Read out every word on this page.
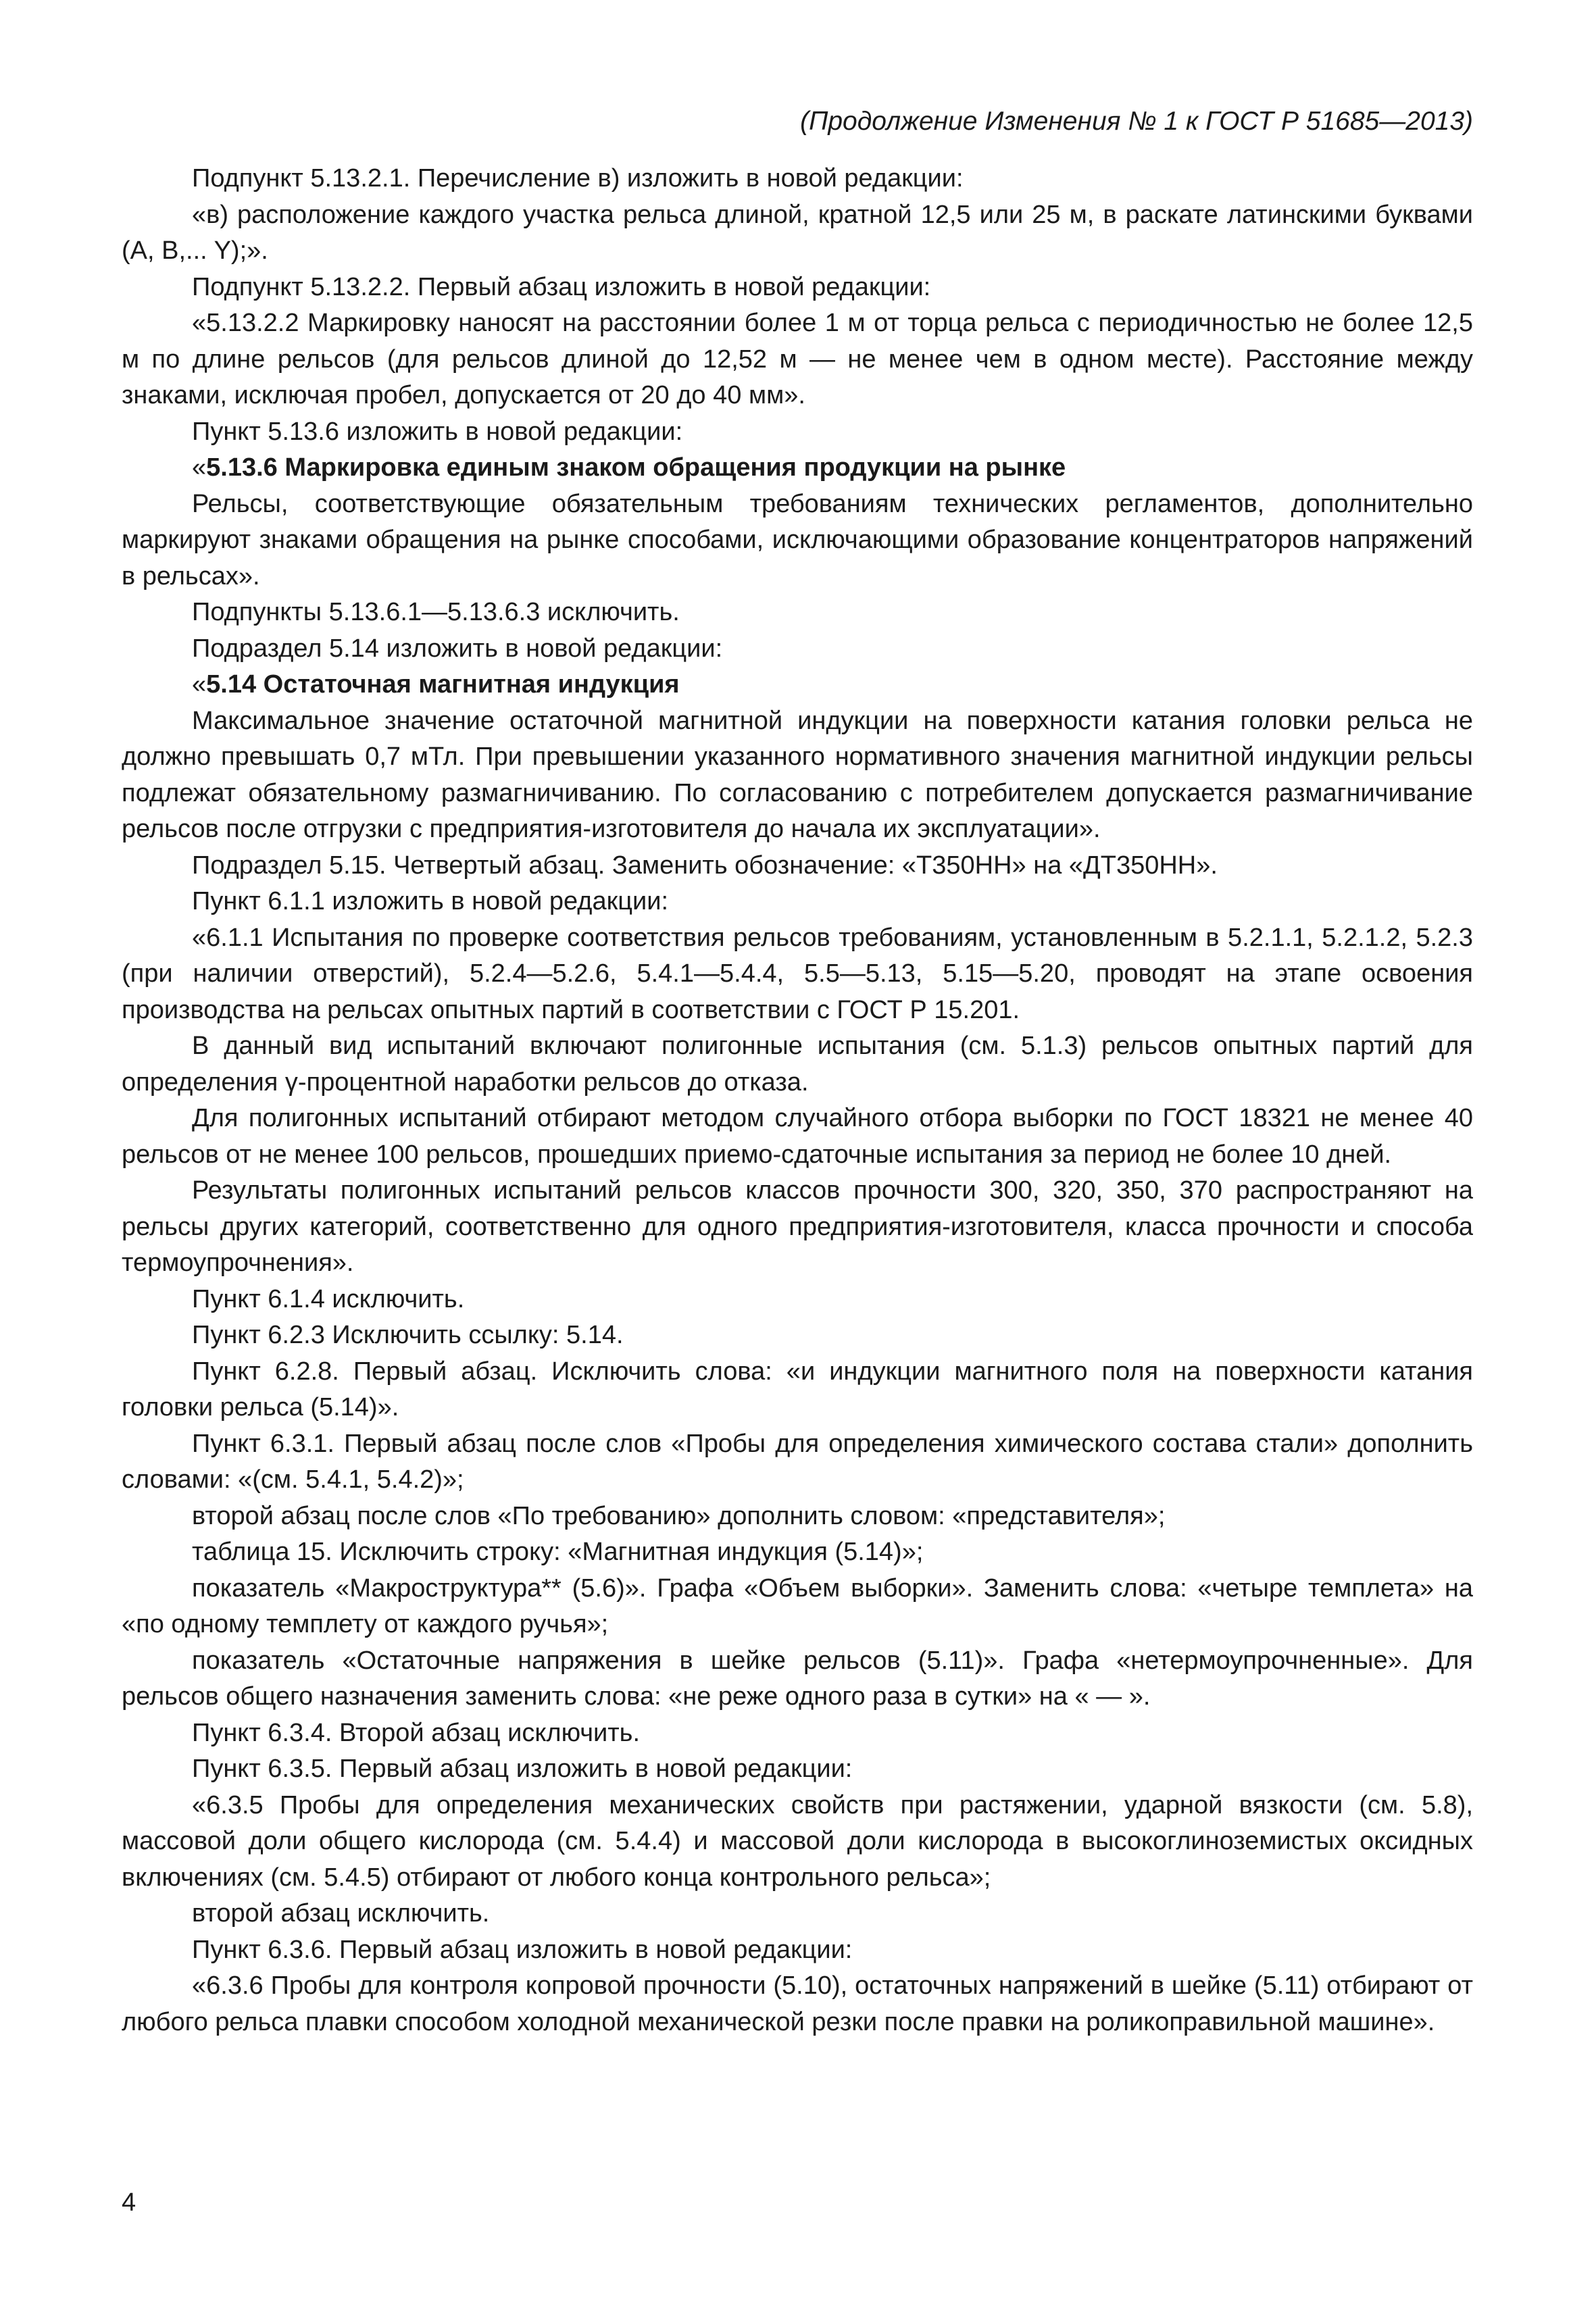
(Продолжение Изменения № 1 к ГОСТ Р 51685—2013)

Подпункт 5.13.2.1. Перечисление в) изложить в новой редакции:

«в) расположение каждого участка рельса длиной, кратной 12,5 или 25 м, в раскате латинскими буквами (A, B,... Y);».

Подпункт 5.13.2.2. Первый абзац изложить в новой редакции:

«5.13.2.2 Маркировку наносят на расстоянии более 1 м от торца рельса с периодичностью не более 12,5 м по длине рельсов (для рельсов длиной до 12,52 м — не менее чем в одном месте). Расстояние между знаками, исключая пробел, допускается от 20 до 40 мм».

Пункт 5.13.6 изложить в новой редакции:

«5.13.6 Маркировка единым знаком обращения продукции на рынке

Рельсы, соответствующие обязательным требованиям технических регламентов, дополнительно маркируют знаками обращения на рынке способами, исключающими образование концентраторов напряжений в рельсах».

Подпункты 5.13.6.1—5.13.6.3 исключить.

Подраздел 5.14 изложить в новой редакции:

«5.14 Остаточная магнитная индукция

Максимальное значение остаточной магнитной индукции на поверхности катания головки рельса не должно превышать 0,7 мТл. При превышении указанного нормативного значения магнитной индукции рельсы подлежат обязательному размагничиванию. По согласованию с потребителем допускается размагничивание рельсов после отгрузки с предприятия-изготовителя до начала их эксплуатации».

Подраздел 5.15. Четвертый абзац. Заменить обозначение: «Т350НН» на «ДТ350НН».

Пункт 6.1.1 изложить в новой редакции:

«6.1.1 Испытания по проверке соответствия рельсов требованиям, установленным в 5.2.1.1, 5.2.1.2, 5.2.3 (при наличии отверстий), 5.2.4—5.2.6, 5.4.1—5.4.4, 5.5—5.13, 5.15—5.20, проводят на этапе освоения производства на рельсах опытных партий в соответствии с ГОСТ Р 15.201.

В данный вид испытаний включают полигонные испытания (см. 5.1.3) рельсов опытных партий для определения γ-процентной наработки рельсов до отказа.

Для полигонных испытаний отбирают методом случайного отбора выборки по ГОСТ 18321 не менее 40 рельсов от не менее 100 рельсов, прошедших приемо-сдаточные испытания за период не более 10 дней.

Результаты полигонных испытаний рельсов классов прочности 300, 320, 350, 370 распространяют на рельсы других категорий, соответственно для одного предприятия-изготовителя, класса прочности и способа термоупрочнения».

Пункт 6.1.4 исключить.

Пункт 6.2.3 Исключить ссылку: 5.14.

Пункт 6.2.8. Первый абзац. Исключить слова: «и индукции магнитного поля на поверхности катания головки рельса (5.14)».

Пункт 6.3.1. Первый абзац после слов «Пробы для определения химического состава стали» дополнить словами: «(см. 5.4.1, 5.4.2)»;

второй абзац после слов «По требованию» дополнить словом: «представителя»;

таблица 15. Исключить строку: «Магнитная индукция (5.14)»;

показатель «Макроструктура** (5.6)». Графа «Объем выборки». Заменить слова: «четыре темплета» на «по одному темплету от каждого ручья»;

показатель «Остаточные напряжения в шейке рельсов (5.11)». Графа «нетермоупрочненные». Для рельсов общего назначения заменить слова: «не реже одного раза в сутки» на « — ».

Пункт 6.3.4. Второй абзац исключить.

Пункт 6.3.5. Первый абзац изложить в новой редакции:

«6.3.5 Пробы для определения механических свойств при растяжении, ударной вязкости (см. 5.8), массовой доли общего кислорода (см. 5.4.4) и массовой доли кислорода в высокоглиноземистых оксидных включениях (см. 5.4.5) отбирают от любого конца контрольного рельса»;

второй абзац исключить.

Пункт 6.3.6. Первый абзац изложить в новой редакции:

«6.3.6 Пробы для контроля копровой прочности (5.10), остаточных напряжений в шейке (5.11) отбирают от любого рельса плавки способом холодной механической резки после правки на роликоправильной машине».

4
